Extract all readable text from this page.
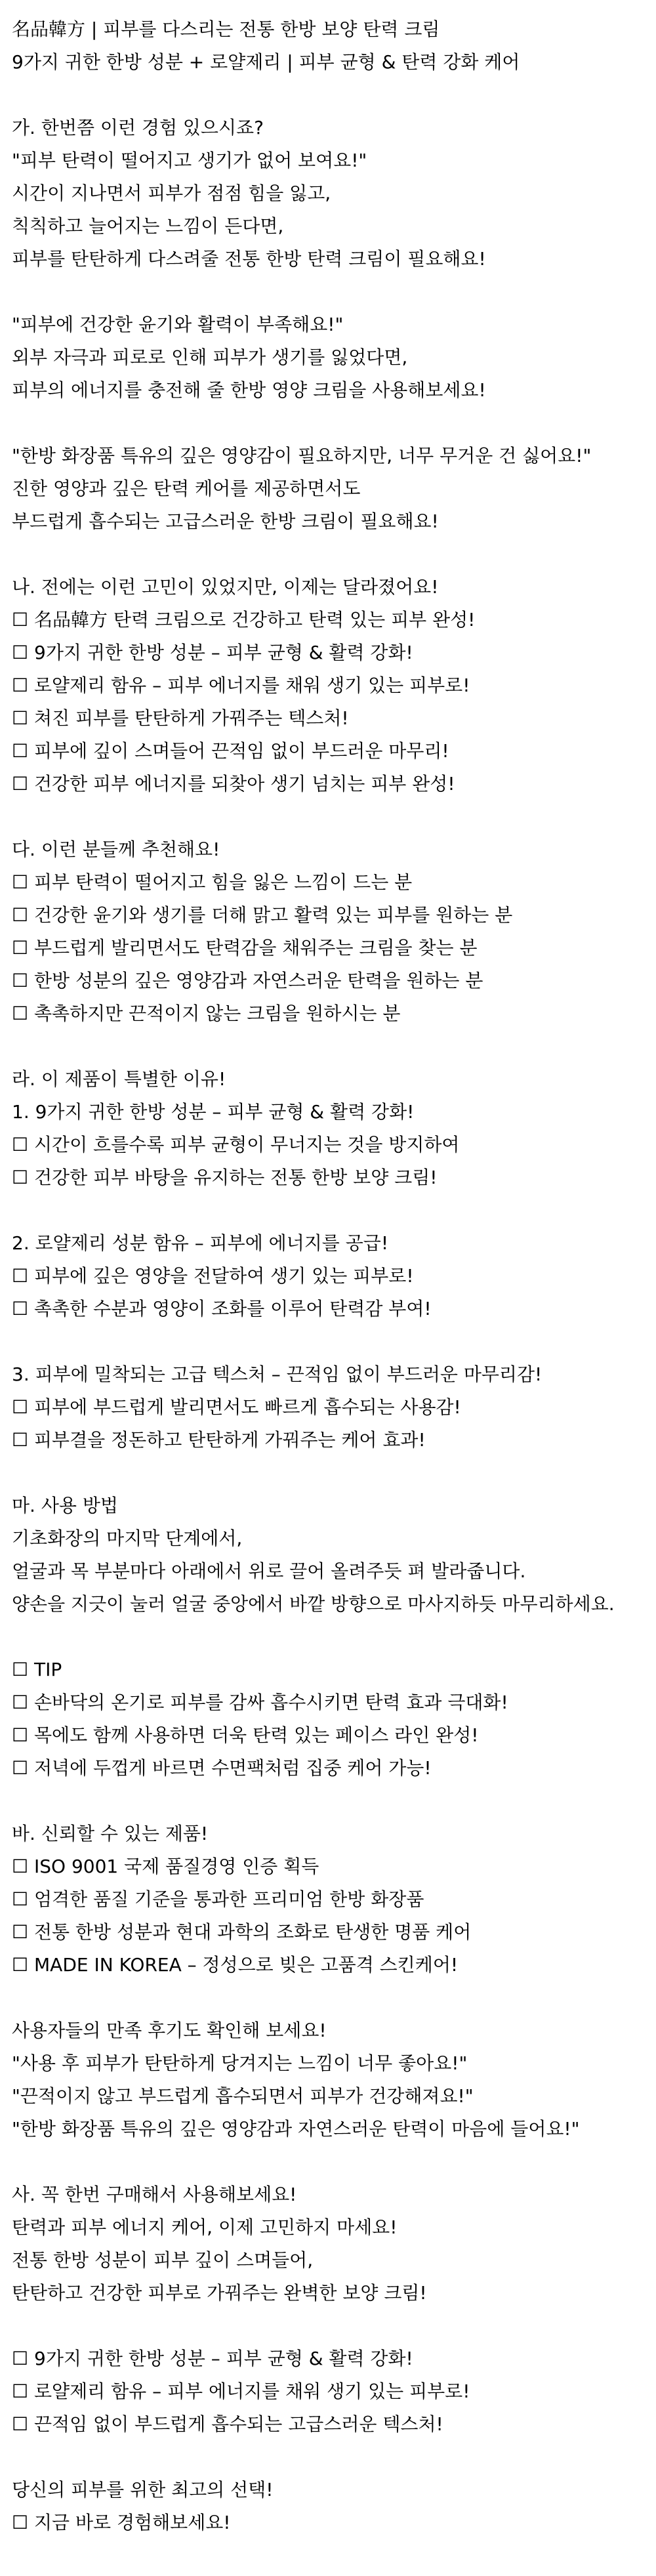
名品韓方 | 피부를 다스리는 전통 한방 보양 탄력 크림
9가지 귀한 한방 성분 + 로얄제리 | 피부 균형 & 탄력 강화 케어
가. 한번쯤 이런 경험 있으시죠?
"피부 탄력이 떨어지고 생기가 없어 보여요!"
시간이 지나면서 피부가 점점 힘을 잃고,
칙칙하고 늘어지는 느낌이 든다면,
피부를 탄탄하게 다스려줄 전통 한방 탄력 크림이 필요해요!
"피부에 건강한 윤기와 활력이 부족해요!"
외부 자극과 피로로 인해 피부가 생기를 잃었다면,
피부의 에너지를 충전해 줄 한방 영양 크림을 사용해보세요!
"한방 화장품 특유의 깊은 영양감이 필요하지만, 너무 무거운 건 싫어요!"
진한 영양과 깊은 탄력 케어를 제공하면서도
부드럽게 흡수되는 고급스러운 한방 크림이 필요해요!
나. 전에는 이런 고민이 있었지만, 이제는 달라졌어요!
☐ 名品韓方 탄력 크림으로 건강하고 탄력 있는 피부 완성!
☐ 9가지 귀한 한방 성분 – 피부 균형 & 활력 강화!
☐ 로얄제리 함유 – 피부 에너지를 채워 생기 있는 피부로!
☐ 쳐진 피부를 탄탄하게 가꿔주는 텍스처!
☐ 피부에 깊이 스며들어 끈적임 없이 부드러운 마무리!
☐ 건강한 피부 에너지를 되찾아 생기 넘치는 피부 완성!
다. 이런 분들께 추천해요!
☐ 피부 탄력이 떨어지고 힘을 잃은 느낌이 드는 분
☐ 건강한 윤기와 생기를 더해 맑고 활력 있는 피부를 원하는 분
☐ 부드럽게 발리면서도 탄력감을 채워주는 크림을 찾는 분
☐ 한방 성분의 깊은 영양감과 자연스러운 탄력을 원하는 분
☐ 촉촉하지만 끈적이지 않는 크림을 원하시는 분
라. 이 제품이 특별한 이유!
1. 9가지 귀한 한방 성분 – 피부 균형 & 활력 강화!
☐ 시간이 흐를수록 피부 균형이 무너지는 것을 방지하여
☐ 건강한 피부 바탕을 유지하는 전통 한방 보양 크림!
2. 로얄제리 성분 함유 – 피부에 에너지를 공급!
☐ 피부에 깊은 영양을 전달하여 생기 있는 피부로!
☐ 촉촉한 수분과 영양이 조화를 이루어 탄력감 부여!
3. 피부에 밀착되는 고급 텍스처 – 끈적임 없이 부드러운 마무리감!
☐ 피부에 부드럽게 발리면서도 빠르게 흡수되는 사용감!
☐ 피부결을 정돈하고 탄탄하게 가꿔주는 케어 효과!
마. 사용 방법
기초화장의 마지막 단계에서,
얼굴과 목 부분마다 아래에서 위로 끌어 올려주듯 펴 발라줍니다.
양손을 지긋이 눌러 얼굴 중앙에서 바깥 방향으로 마사지하듯 마무리하세요.
☐ TIP
☐ 손바닥의 온기로 피부를 감싸 흡수시키면 탄력 효과 극대화!
☐ 목에도 함께 사용하면 더욱 탄력 있는 페이스 라인 완성!
☐ 저녁에 두껍게 바르면 수면팩처럼 집중 케어 가능!
바. 신뢰할 수 있는 제품!
☐ ISO 9001 국제 품질경영 인증 획득
☐ 엄격한 품질 기준을 통과한 프리미엄 한방 화장품
☐ 전통 한방 성분과 현대 과학의 조화로 탄생한 명품 케어
☐ MADE IN KOREA – 정성으로 빚은 고품격 스킨케어!
사용자들의 만족 후기도 확인해 보세요!
"사용 후 피부가 탄탄하게 당겨지는 느낌이 너무 좋아요!"
"끈적이지 않고 부드럽게 흡수되면서 피부가 건강해져요!"
"한방 화장품 특유의 깊은 영양감과 자연스러운 탄력이 마음에 들어요!"
사. 꼭 한번 구매해서 사용해보세요!
탄력과 피부 에너지 케어, 이제 고민하지 마세요!
전통 한방 성분이 피부 깊이 스며들어,
탄탄하고 건강한 피부로 가꿔주는 완벽한 보양 크림!
☐ 9가지 귀한 한방 성분 – 피부 균형 & 활력 강화!
☐ 로얄제리 함유 – 피부 에너지를 채워 생기 있는 피부로!
☐ 끈적임 없이 부드럽게 흡수되는 고급스러운 텍스처!
당신의 피부를 위한 최고의 선택!
☐ 지금 바로 경험해보세요!
